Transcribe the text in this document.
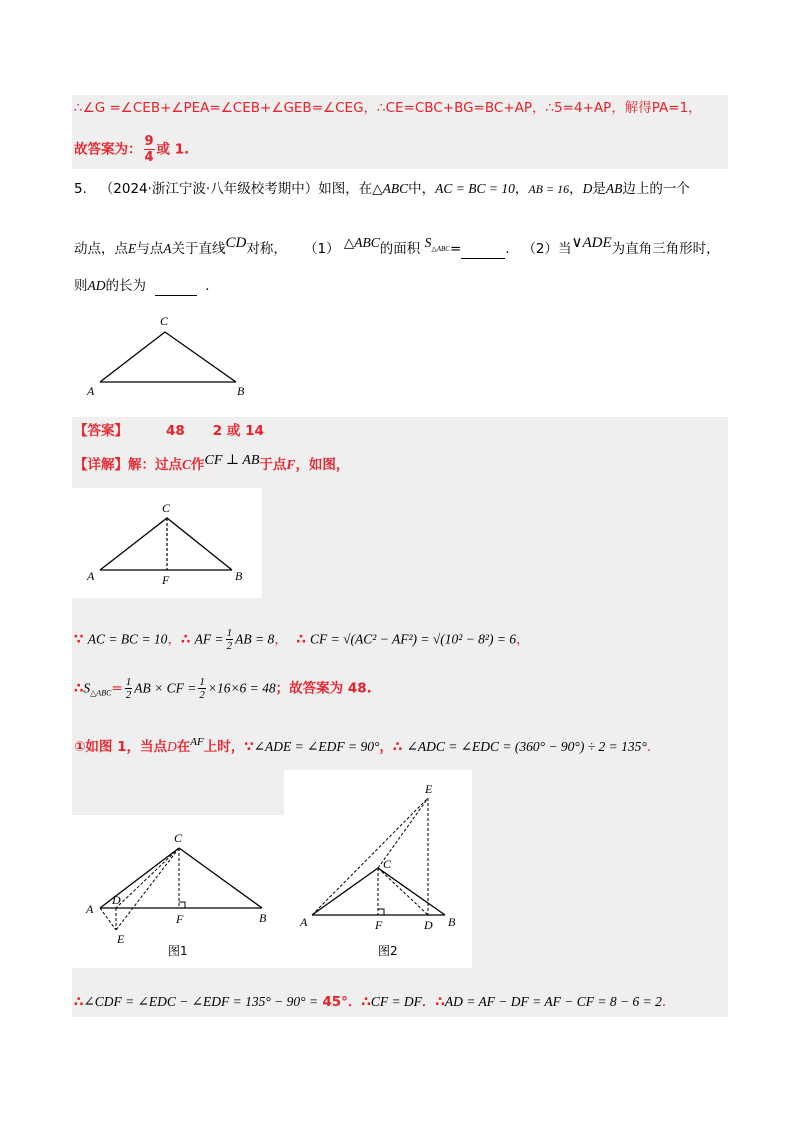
∴∠G =∠CEB+∠PEA=∠CEB+∠GEB=∠CEG，∴CE=CBC+BG=BC+AP，∴5=4+AP，解得PA=1，
故答案为： $\frac{9}{4}$ 或 1.
5. （2024·浙江宁波·八年级校考期中）如图，在△ABC中，AC = BC = 10，AB = 16，D是AB边上的一个
动点，点E与点A关于直线CD对称， （1） △ABC的面积 S△ABC=	. （2）当∨ADE为直角三角形时，
则AD的长为	.
C
A	B
【答案】	48 2 或 14
【详解】解：过点C作CF ⊥ AB于点F，如图，
C
A	B
F
∵ AC = BC = 10，∴ AF = $\frac{1}{2}$ AB = 8， ∴ CF = √(AC² − AF²) = √(10² − 8²) = 6，
$\therefore S_{\triangle ABC}= \frac{1}{2}$ AB × CF = $\frac{1}{2} \times 16\times 6 = 48$；故答案为 48.
①如图 1，当点D在$^{AF}$上时，∵∠ADE = ∠EDF = 90°，∴ ∠ADC = ∠EDC = (360° − 90°) ÷ 2 = 135°.
C
A
B
D
F
E
图1
C
A	B
D
F
E
图2
∴∠CDF = ∠EDC − ∠EDF = 135° − 90° = 45°．∴CF = DF．∴AD = AF − DF = AF − CF = 8 − 6 = 2.
